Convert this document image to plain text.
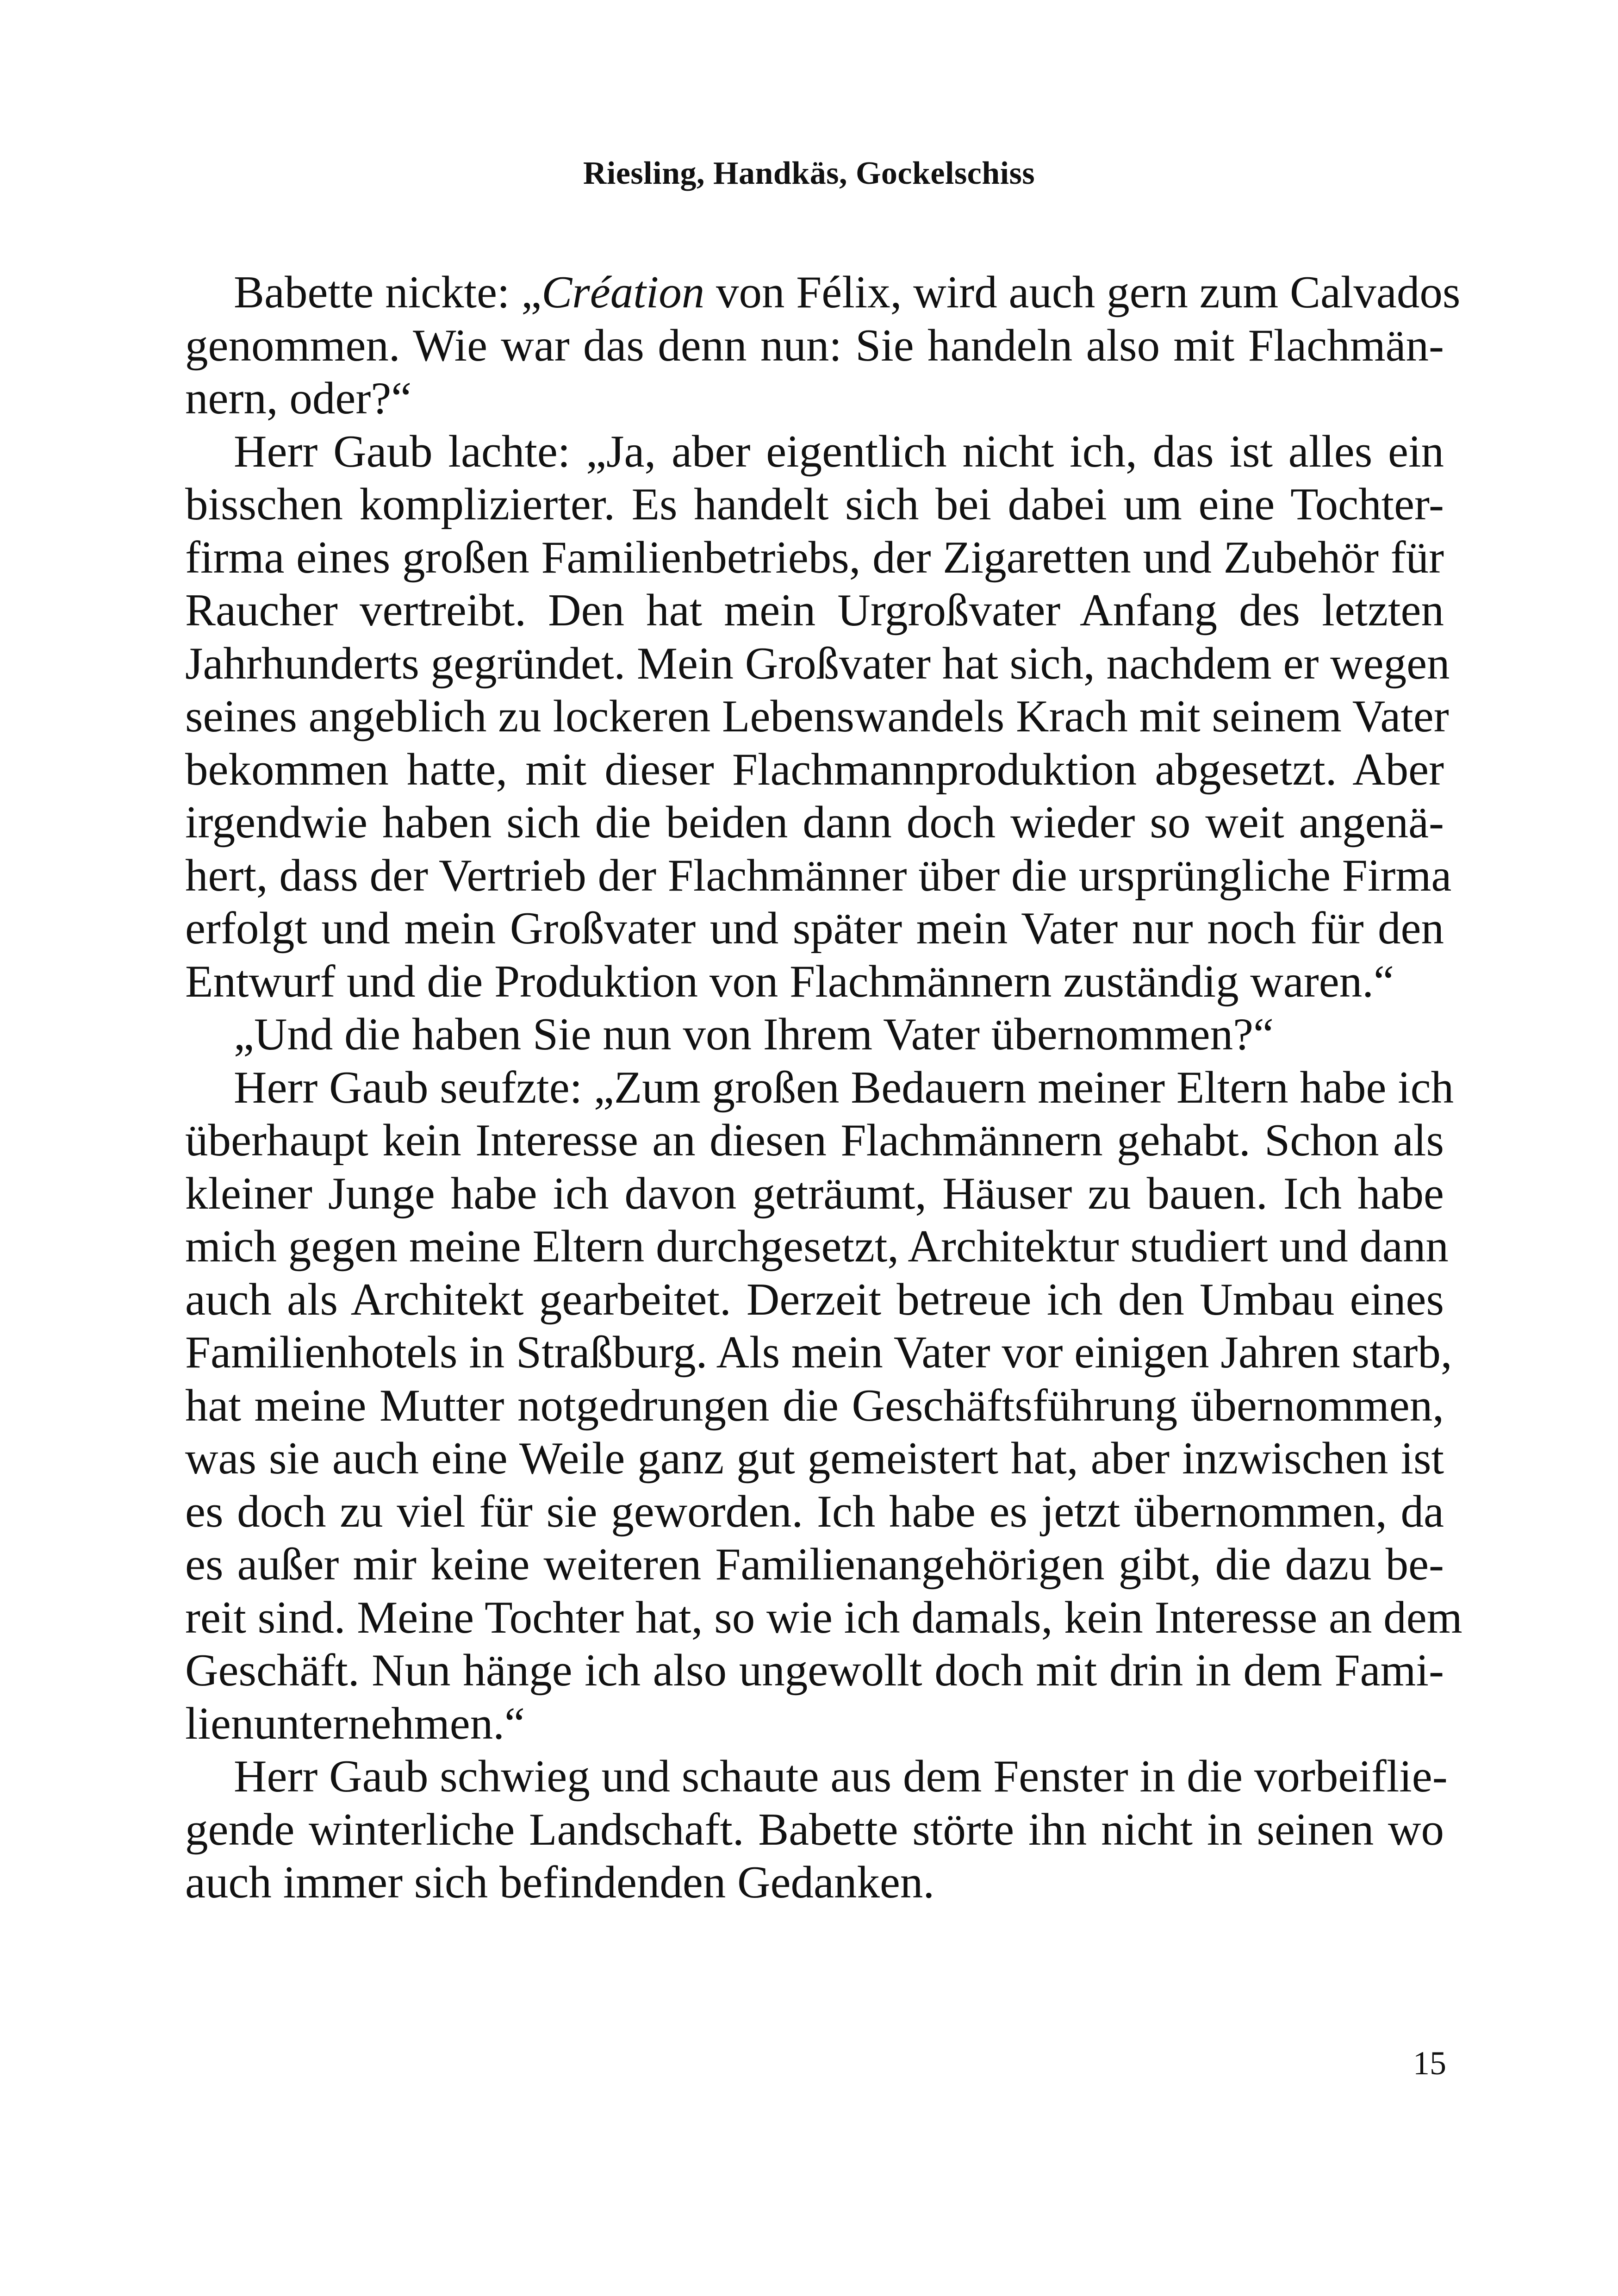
Riesling, Handkäs, Gockelschiss

Babette nickte: „Création von Félix, wird auch gern zum Calvados
genommen. Wie war das denn nun: Sie handeln also mit Flachmän-
nern, oder?“

Herr Gaub lachte: „Ja, aber eigentlich nicht ich, das ist alles ein
bisschen komplizierter. Es handelt sich bei dabei um eine Tochter-
firma eines großen Familienbetriebs, der Zigaretten und Zubehör für
Raucher vertreibt. Den hat mein Urgroßvater Anfang des letzten
Jahrhunderts gegründet. Mein Großvater hat sich, nachdem er wegen
seines angeblich zu lockeren Lebenswandels Krach mit seinem Vater
bekommen hatte, mit dieser Flachmannproduktion abgesetzt. Aber
irgendwie haben sich die beiden dann doch wieder so weit angenä-
hert, dass der Vertrieb der Flachmänner über die ursprüngliche Firma
erfolgt und mein Großvater und später mein Vater nur noch für den
Entwurf und die Produktion von Flachmännern zuständig waren.“

„Und die haben Sie nun von Ihrem Vater übernommen?“

Herr Gaub seufzte: „Zum großen Bedauern meiner Eltern habe ich
überhaupt kein Interesse an diesen Flachmännern gehabt. Schon als
kleiner Junge habe ich davon geträumt, Häuser zu bauen. Ich habe
mich gegen meine Eltern durchgesetzt, Architektur studiert und dann
auch als Architekt gearbeitet. Derzeit betreue ich den Umbau eines
Familienhotels in Straßburg. Als mein Vater vor einigen Jahren starb,
hat meine Mutter notgedrungen die Geschäftsführung übernommen,
was sie auch eine Weile ganz gut gemeistert hat, aber inzwischen ist
es doch zu viel für sie geworden. Ich habe es jetzt übernommen, da
es außer mir keine weiteren Familienangehörigen gibt, die dazu be-
reit sind. Meine Tochter hat, so wie ich damals, kein Interesse an dem
Geschäft. Nun hänge ich also ungewollt doch mit drin in dem Fami-
lienunternehmen.“

Herr Gaub schwieg und schaute aus dem Fenster in die vorbeiflie-
gende winterliche Landschaft. Babette störte ihn nicht in seinen wo
auch immer sich befindenden Gedanken.

15
